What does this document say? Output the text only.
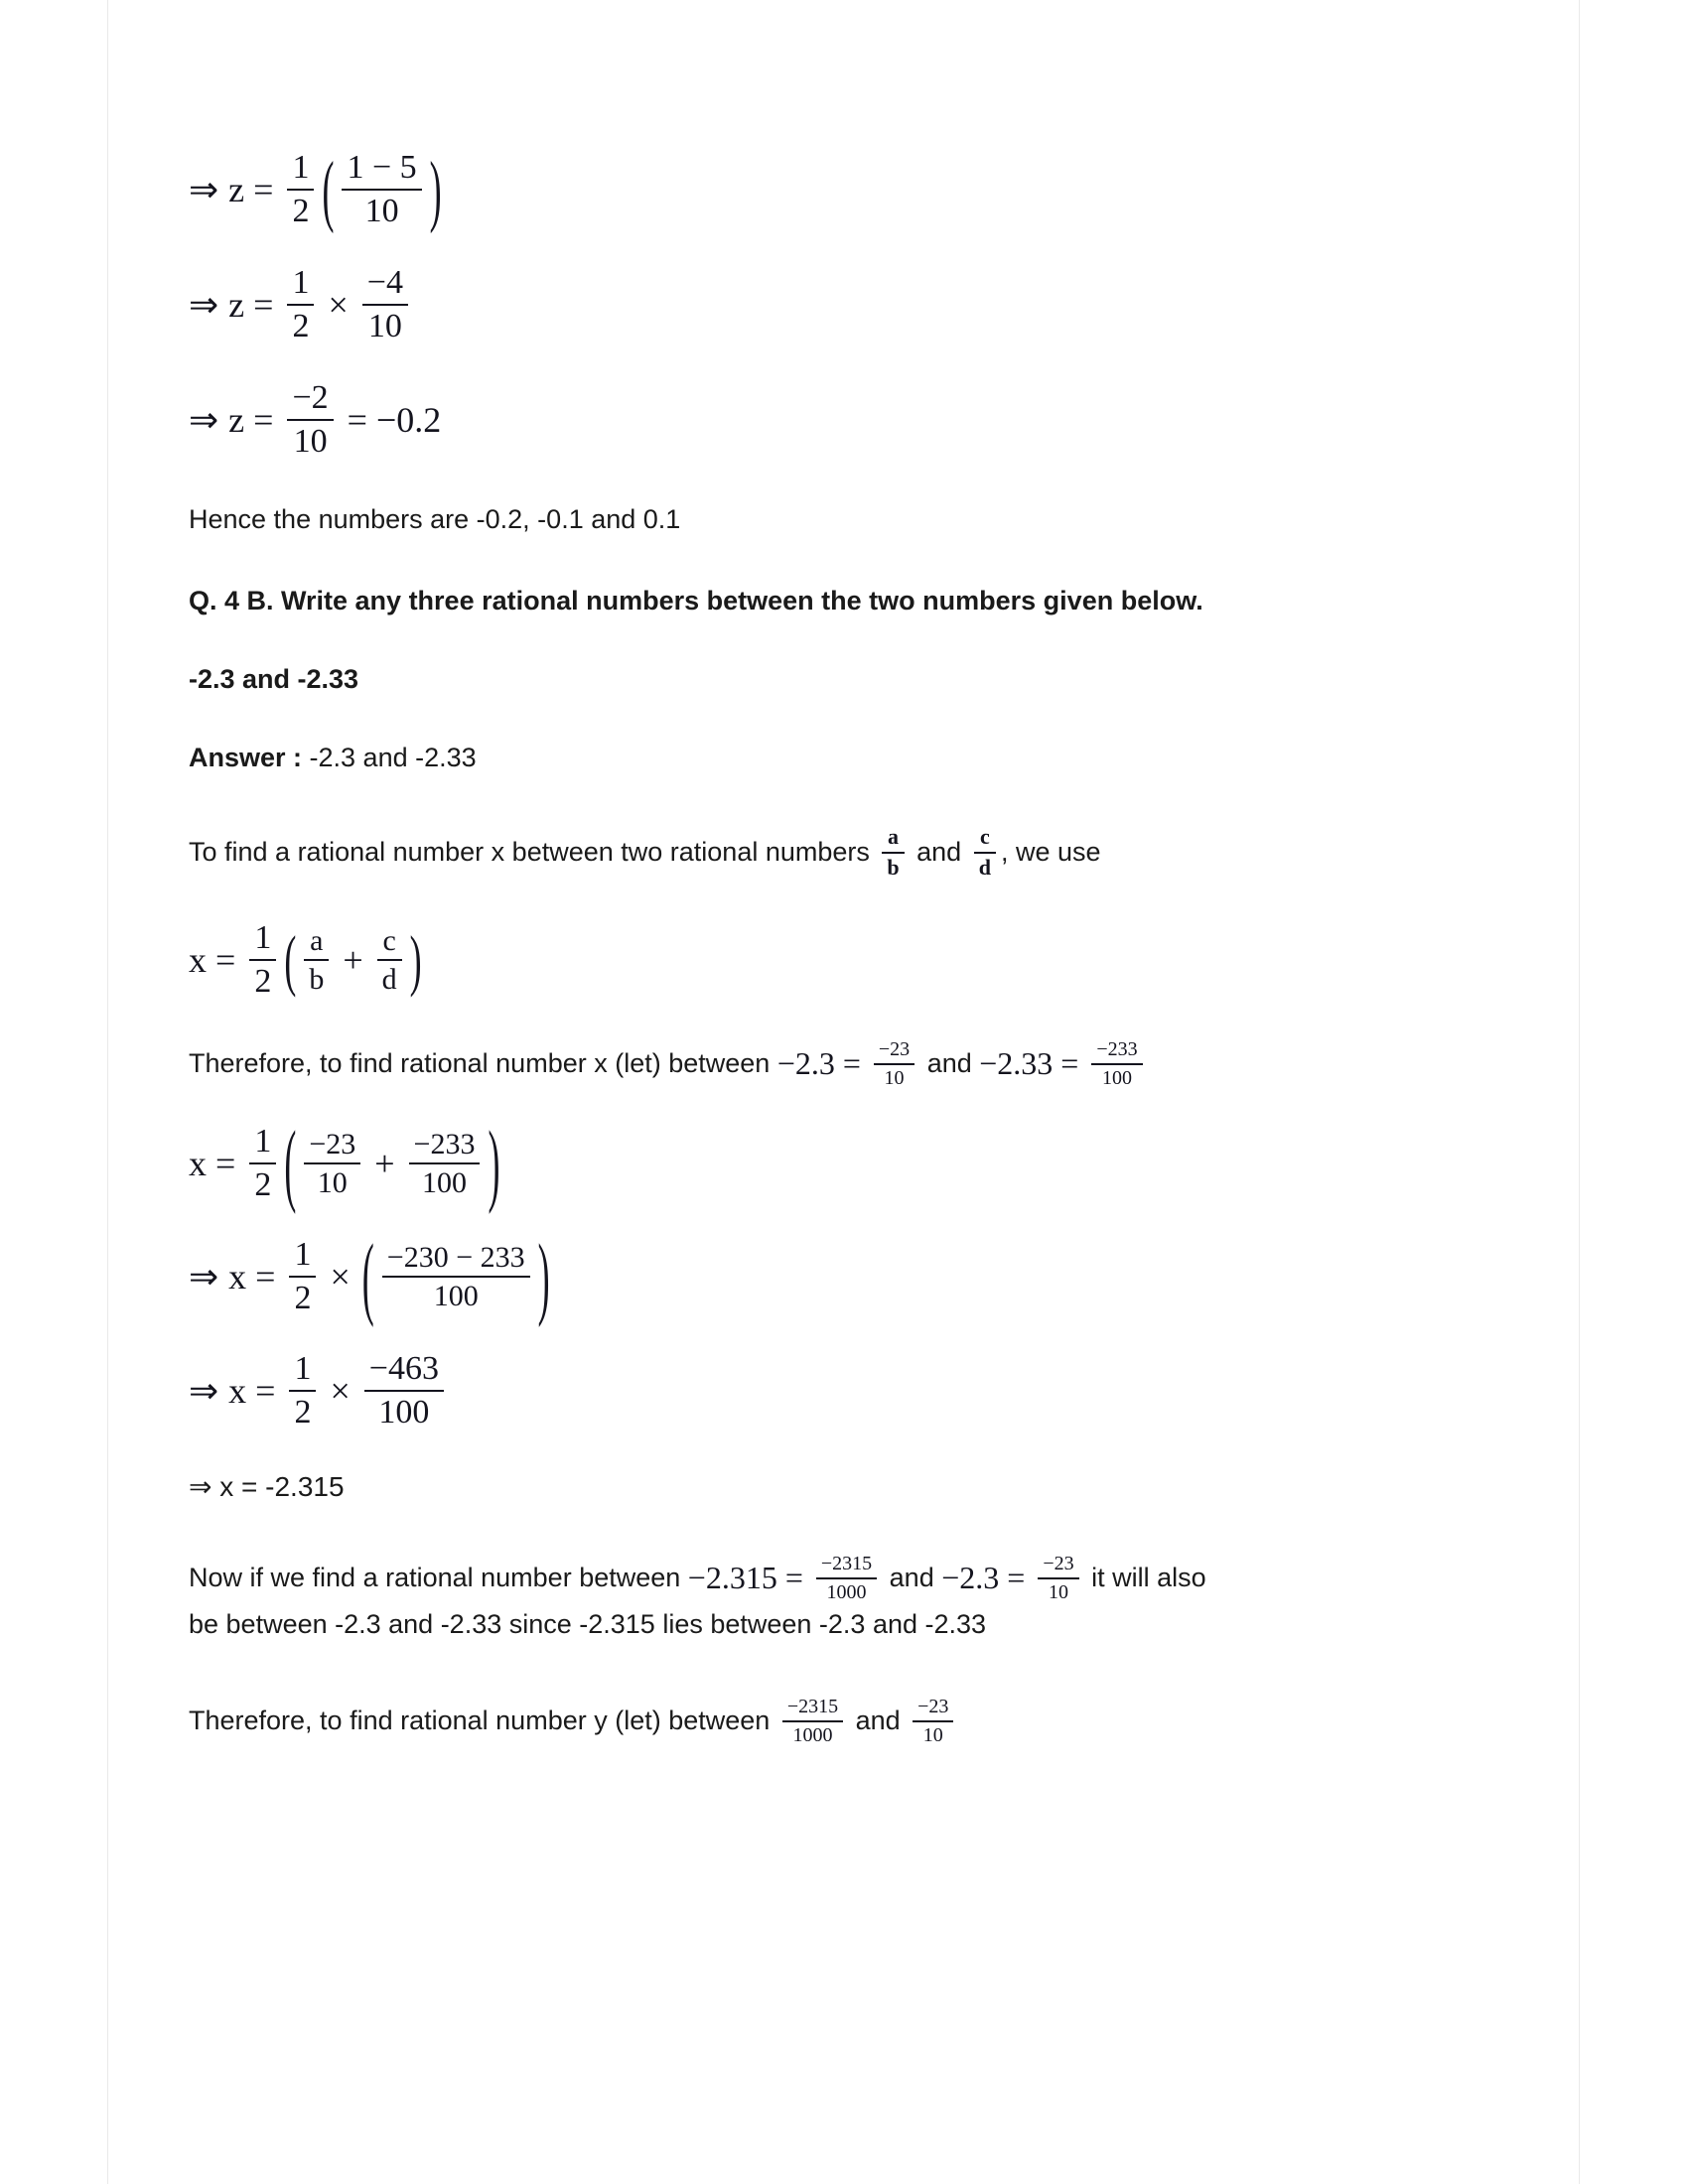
⇒ $z = \frac{1}{2}$ ( $\frac{1 - 5}{10}$ )
⇒ $z = \frac{1}{2} \times \frac{-4}{10}$
⇒ $z = \frac{-2}{10} = -0.2$
Hence the numbers are -0.2, -0.1 and 0.1
Q. 4 B. Write any three rational numbers between the two numbers given below.
-2.3 and -2.33
Answer : -2.3 and -2.33
To find a rational number x between two rational numbers $\frac{a}{b}$ and $\frac{c}{d}$ , we use
$x = \frac{1}{2}$ ( $\frac{a}{b} + \frac{c}{d}$ )
Therefore, to find rational number x (let) between $-2.3 = \frac{-23}{10}$ and $-2.33 = \frac{-233}{100}$
$x = \frac{1}{2}$ ( $\frac{-23}{10} + \frac{-233}{100}$ )
⇒ $x = \frac{1}{2}$ × ( $\frac{-230 - 233}{100}$ )
⇒ $x = \frac{1}{2} \times \frac{-463}{100}$
⇒ x = -2.315
Now if we find a rational number between $-2.315 = \frac{-2315}{1000}$ and $-2.3 = \frac{-23}{10}$ it will also
be between -2.3 and -2.33 since -2.315 lies between -2.3 and -2.33
Therefore, to find rational number y (let) between $\frac{-2315}{1000}$ and $\frac{-23}{10}$
